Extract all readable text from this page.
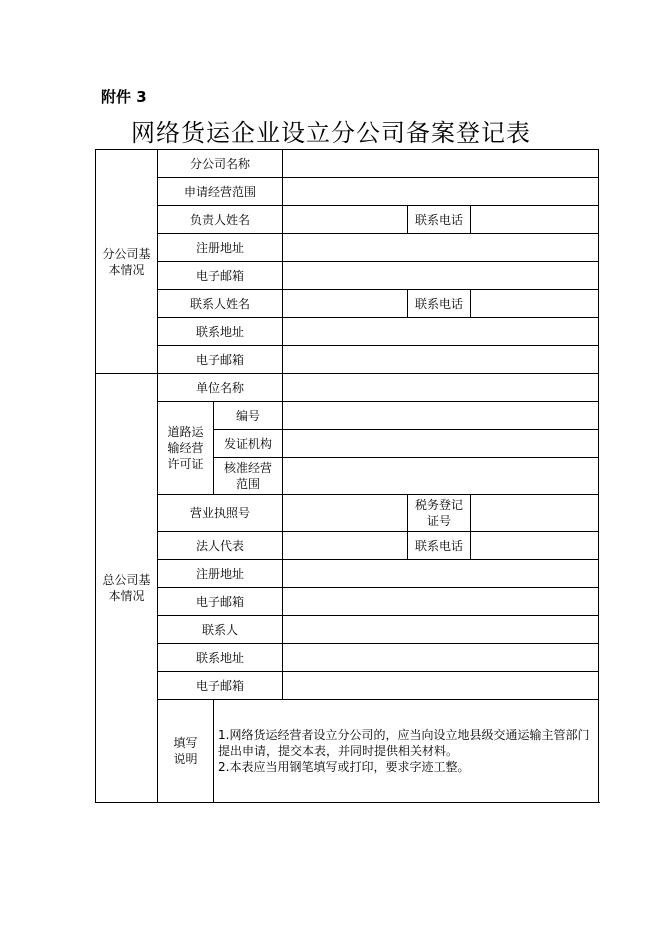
附件 3
网络货运企业设立分公司备案登记表
分公司基本情况	分公司名称				
	申请经营范围				
	负责人姓名			联系电话	
	注册地址				
	电子邮箱				
	联系人姓名			联系电话	
	联系地址				
	电子邮箱				

总公司基本情况	单位名称				

	道路运输经营许可证	编号			
		发证机构			

		核准经营范围			

	营业执照号			税务登记证号	

	法人代表			联系电话	
	注册地址				
	电子邮箱				
	联系人				
	联系地址				
	电子邮箱				

	填写说明	1.网络货运经营者设立分公司的，应当向设立地县级交通运输主管部门提出申请，提交本表，并同时提供相关材料。
2.本表应当用钢笔填写或打印，要求字迹工整。			
